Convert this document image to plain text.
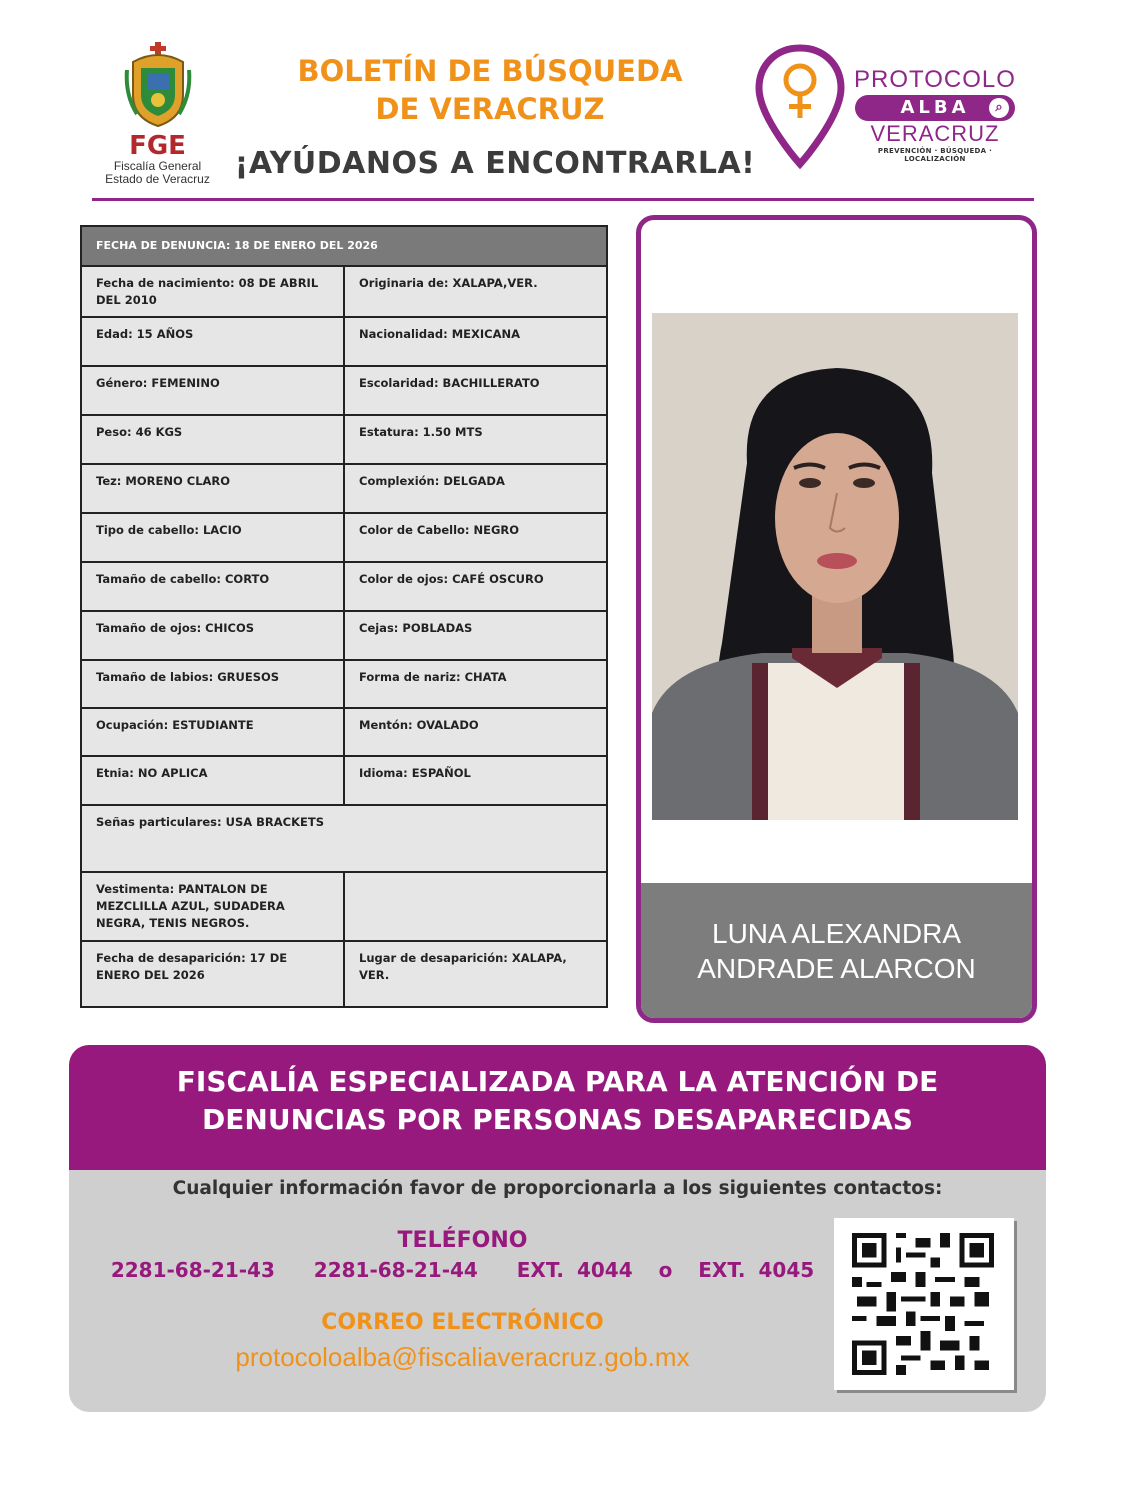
FGE
Fiscalía General
Estado de Veracruz
BOLETÍN DE BÚSQUEDA
DE VERACRUZ
¡AYÚDANOS A ENCONTRARLA!
PROTOCOLO
ALBA	⌕
VERACRUZ
PREVENCIÓN · BÚSQUEDA · LOCALIZACIÓN
FECHA DE DENUNCIA: 18 DE ENERO DEL 2026	
Fecha de nacimiento: 08 DE ABRIL DEL 2010	Originaria de: XALAPA,VER.
Edad: 15 AÑOS	Nacionalidad: MEXICANA
Género: FEMENINO	Escolaridad: BACHILLERATO
Peso: 46 KGS	Estatura: 1.50 MTS
Tez: MORENO CLARO	Complexión: DELGADA
Tipo de cabello: LACIO	Color de Cabello: NEGRO
Tamaño de cabello: CORTO	Color de ojos: CAFÉ OSCURO
Tamaño de ojos: CHICOS	Cejas: POBLADAS
Tamaño de labios: GRUESOS	Forma de nariz: CHATA
Ocupación: ESTUDIANTE	Mentón: OVALADO
Etnia: NO APLICA	Idioma: ESPAÑOL
Señas particulares: USA BRACKETS	
Vestimenta: PANTALON DE MEZCLILLA AZUL, SUDADERA NEGRA, TENIS NEGROS.	
Fecha de desaparición: 17 DE ENERO DEL 2026	Lugar de desaparición: XALAPA, VER.
LUNA ALEXANDRA
ANDRADE ALARCON
FISCALÍA ESPECIALIZADA PARA LA ATENCIÓN DE
DENUNCIAS POR PERSONAS DESAPARECIDAS
Cualquier información favor de proporcionarla a los siguientes contactos:
TELÉFONO
2281-68-21-43   2281-68-21-44   EXT. 4044  o  EXT. 4045
CORREO ELECTRÓNICO
protocoloalba@fiscaliaveracruz.gob.mx
